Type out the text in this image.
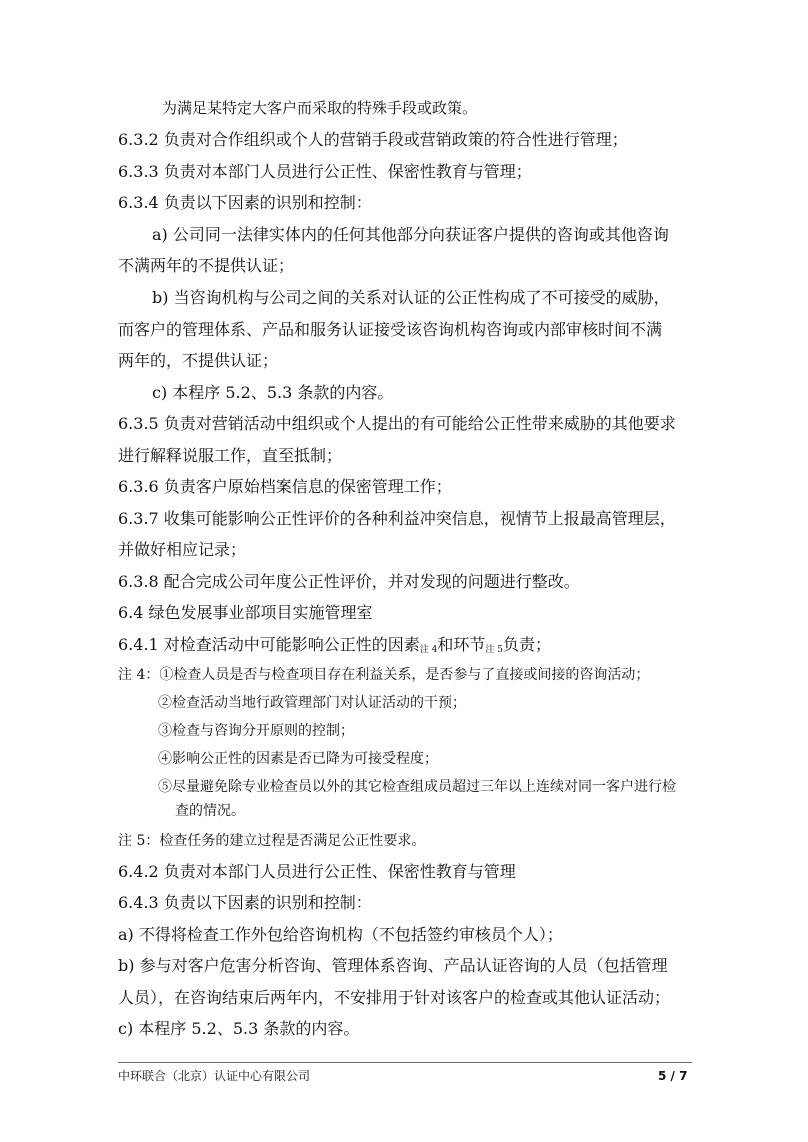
为满足某特定大客户而采取的特殊手段或政策。
6.3.2 负责对合作组织或个人的营销手段或营销政策的符合性进行管理；
6.3.3 负责对本部门人员进行公正性、保密性教育与管理；
6.3.4 负责以下因素的识别和控制：
a) 公司同一法律实体内的任何其他部分向获证客户提供的咨询或其他咨询
不满两年的不提供认证；
b) 当咨询机构与公司之间的关系对认证的公正性构成了不可接受的威胁，
而客户的管理体系、产品和服务认证接受该咨询机构咨询或内部审核时间不满
两年的，不提供认证；
c) 本程序 5.2、5.3 条款的内容。
6.3.5 负责对营销活动中组织或个人提出的有可能给公正性带来威胁的其他要求
进行解释说服工作，直至抵制；
6.3.6 负责客户原始档案信息的保密管理工作；
6.3.7 收集可能影响公正性评价的各种利益冲突信息，视情节上报最高管理层，
并做好相应记录；
6.3.8 配合完成公司年度公正性评价，并对发现的问题进行整改。
6.4 绿色发展事业部项目实施管理室
6.4.1 对检查活动中可能影响公正性的因素$_{注 4}$和环节$_{注 5}$负责；
注 4：①检查人员是否与检查项目存在利益关系，是否参与了直接或间接的咨询活动；
②检查活动当地行政管理部门对认证活动的干预；
③检查与咨询分开原则的控制；
④影响公正性的因素是否已降为可接受程度；
⑤尽量避免除专业检查员以外的其它检查组成员超过三年以上连续对同一客户进行检
查的情况。
注 5：检查任务的建立过程是否满足公正性要求。
6.4.2 负责对本部门人员进行公正性、保密性教育与管理
6.4.3 负责以下因素的识别和控制：
a) 不得将检查工作外包给咨询机构（不包括签约审核员个人）；
b) 参与对客户危害分析咨询、管理体系咨询、产品认证咨询的人员（包括管理
人员），在咨询结束后两年内，不安排用于针对该客户的检查或其他认证活动；
c) 本程序 5.2、5.3 条款的内容。
中环联合（北京）认证中心有限公司	5 / 7
